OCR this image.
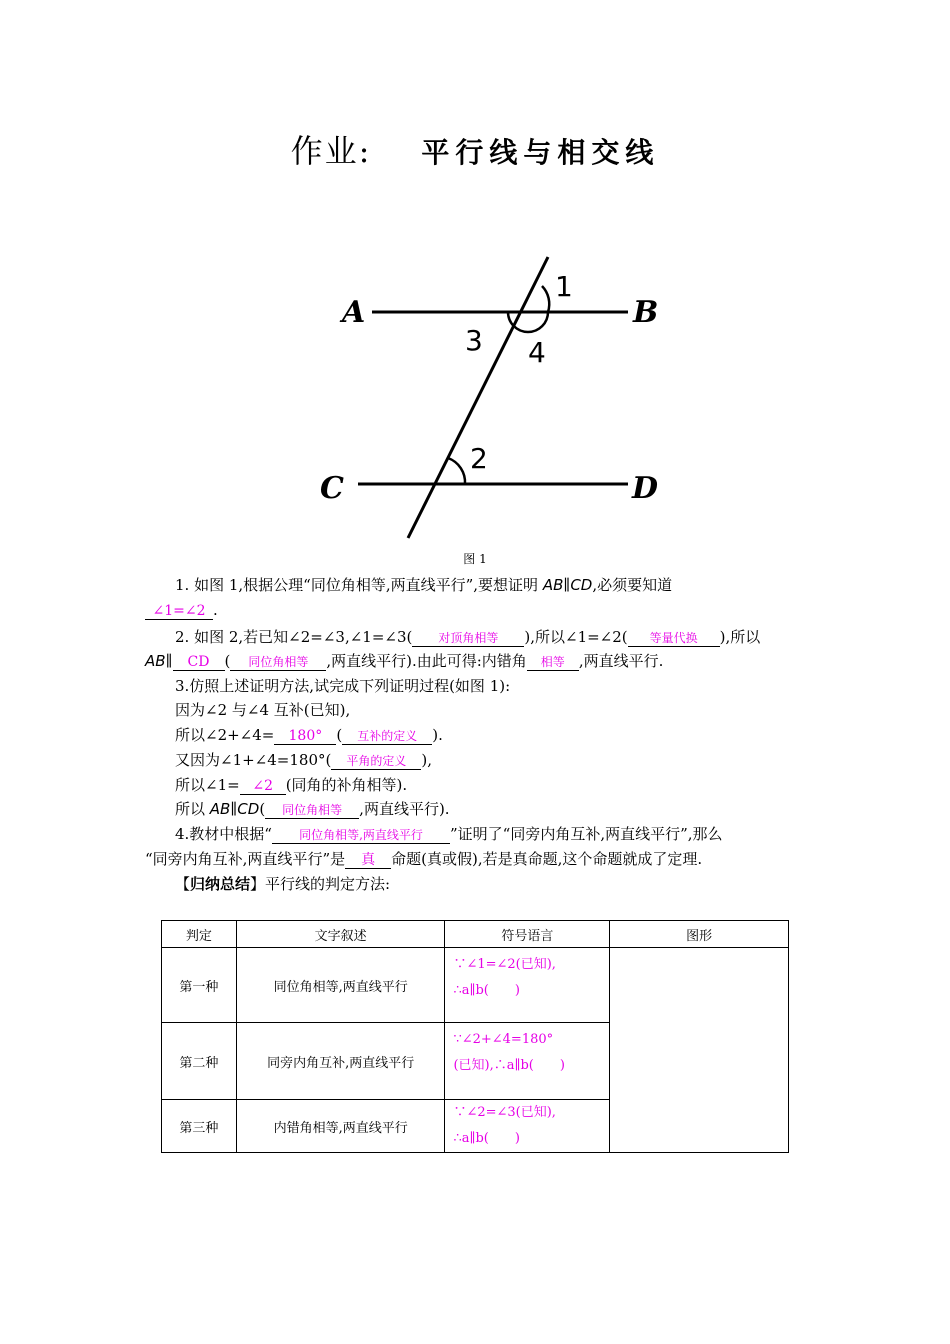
作业: 平行线与相交线
A	B
C	D
1
3 4
2
图 1
1. 如图 1,根据公理“同位角相等,两直线平行”,要想证明 AB∥CD,必须要知道
∠1=∠2 .
2. 如图 2,若已知∠2=∠3,∠1=∠3( 对顶角相等 ),所以∠1=∠2( 等量代换 ),所以
AB∥ CD ( 同位角相等 ,两直线平行).由此可得:内错角 相等 ,两直线平行.
3.仿照上述证明方法,试完成下列证明过程(如图 1):
因为∠2 与∠4 互补(已知),
所以∠2+∠4= 180° ( 互补的定义 ).
又因为∠1+∠4=180°( 平角的定义 ),
所以∠1= ∠2 (同角的补角相等).
所以 AB∥CD( 同位角相等 ,两直线平行).
4.教材中根据“ 同位角相等,两直线平行 ”证明了“同旁内角互补,两直线平行”,那么
“同旁内角互补,两直线平行”是 真 命题(真或假),若是真命题,这个命题就成了定理.
【归纳总结】平行线的判定方法:
判定	文字叙述	符号语言	图形
第一种	同位角相等,两直线平行	∵∠1=∠2(已知),
∴a∥b(　　)	

第二种	同旁内角互补,两直线平行	∵∠2+∠4=180°
(已知),∴a∥b(　　)	

第三种	内错角相等,两直线平行	∵∠2=∠3(已知),
∴a∥b(　　)	
